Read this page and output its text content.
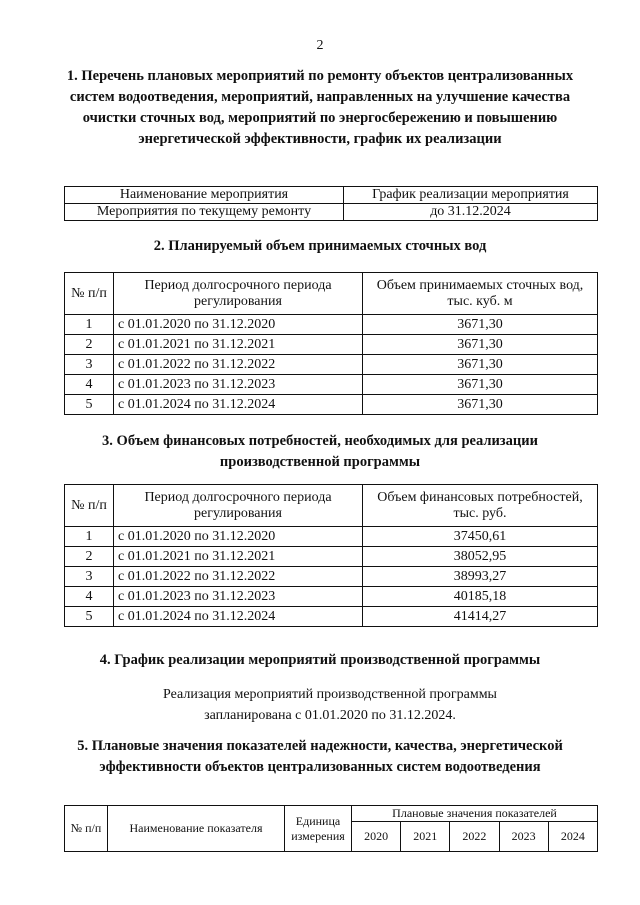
2
1. Перечень плановых мероприятий по ремонту объектов централизованных систем водоотведения, мероприятий, направленных на улучшение качества очистки сточных вод, мероприятий по энергосбережению и повышению энергетической эффективности, график их реализации
Наименование мероприятия	График реализации мероприятия
Мероприятия по текущему ремонту	до 31.12.2024
2. Планируемый объем принимаемых сточных вод
№ п/п	Период долгосрочного периода регулирования	Объем принимаемых сточных вод, тыс. куб. м
1	с 01.01.2020 по 31.12.2020	3671,30
2	с 01.01.2021 по 31.12.2021	3671,30
3	с 01.01.2022 по 31.12.2022	3671,30
4	с 01.01.2023 по 31.12.2023	3671,30
5	с 01.01.2024 по 31.12.2024	3671,30
3. Объем финансовых потребностей, необходимых для реализации производственной программы
№ п/п	Период долгосрочного периода регулирования	Объем финансовых потребностей, тыс. руб.
1	с 01.01.2020 по 31.12.2020	37450,61
2	с 01.01.2021 по 31.12.2021	38052,95
3	с 01.01.2022 по 31.12.2022	38993,27
4	с 01.01.2023 по 31.12.2023	40185,18
5	с 01.01.2024 по 31.12.2024	41414,27
4. График реализации мероприятий производственной программы
Реализация мероприятий производственной программы
запланирована с 01.01.2020 по 31.12.2024.
5. Плановые значения показателей надежности, качества, энергетической эффективности объектов централизованных систем водоотведения
№ п/п	Наименование показателя	Единица измерения	Плановые значения показателей				
			2020	2021	2022	2023	2024
